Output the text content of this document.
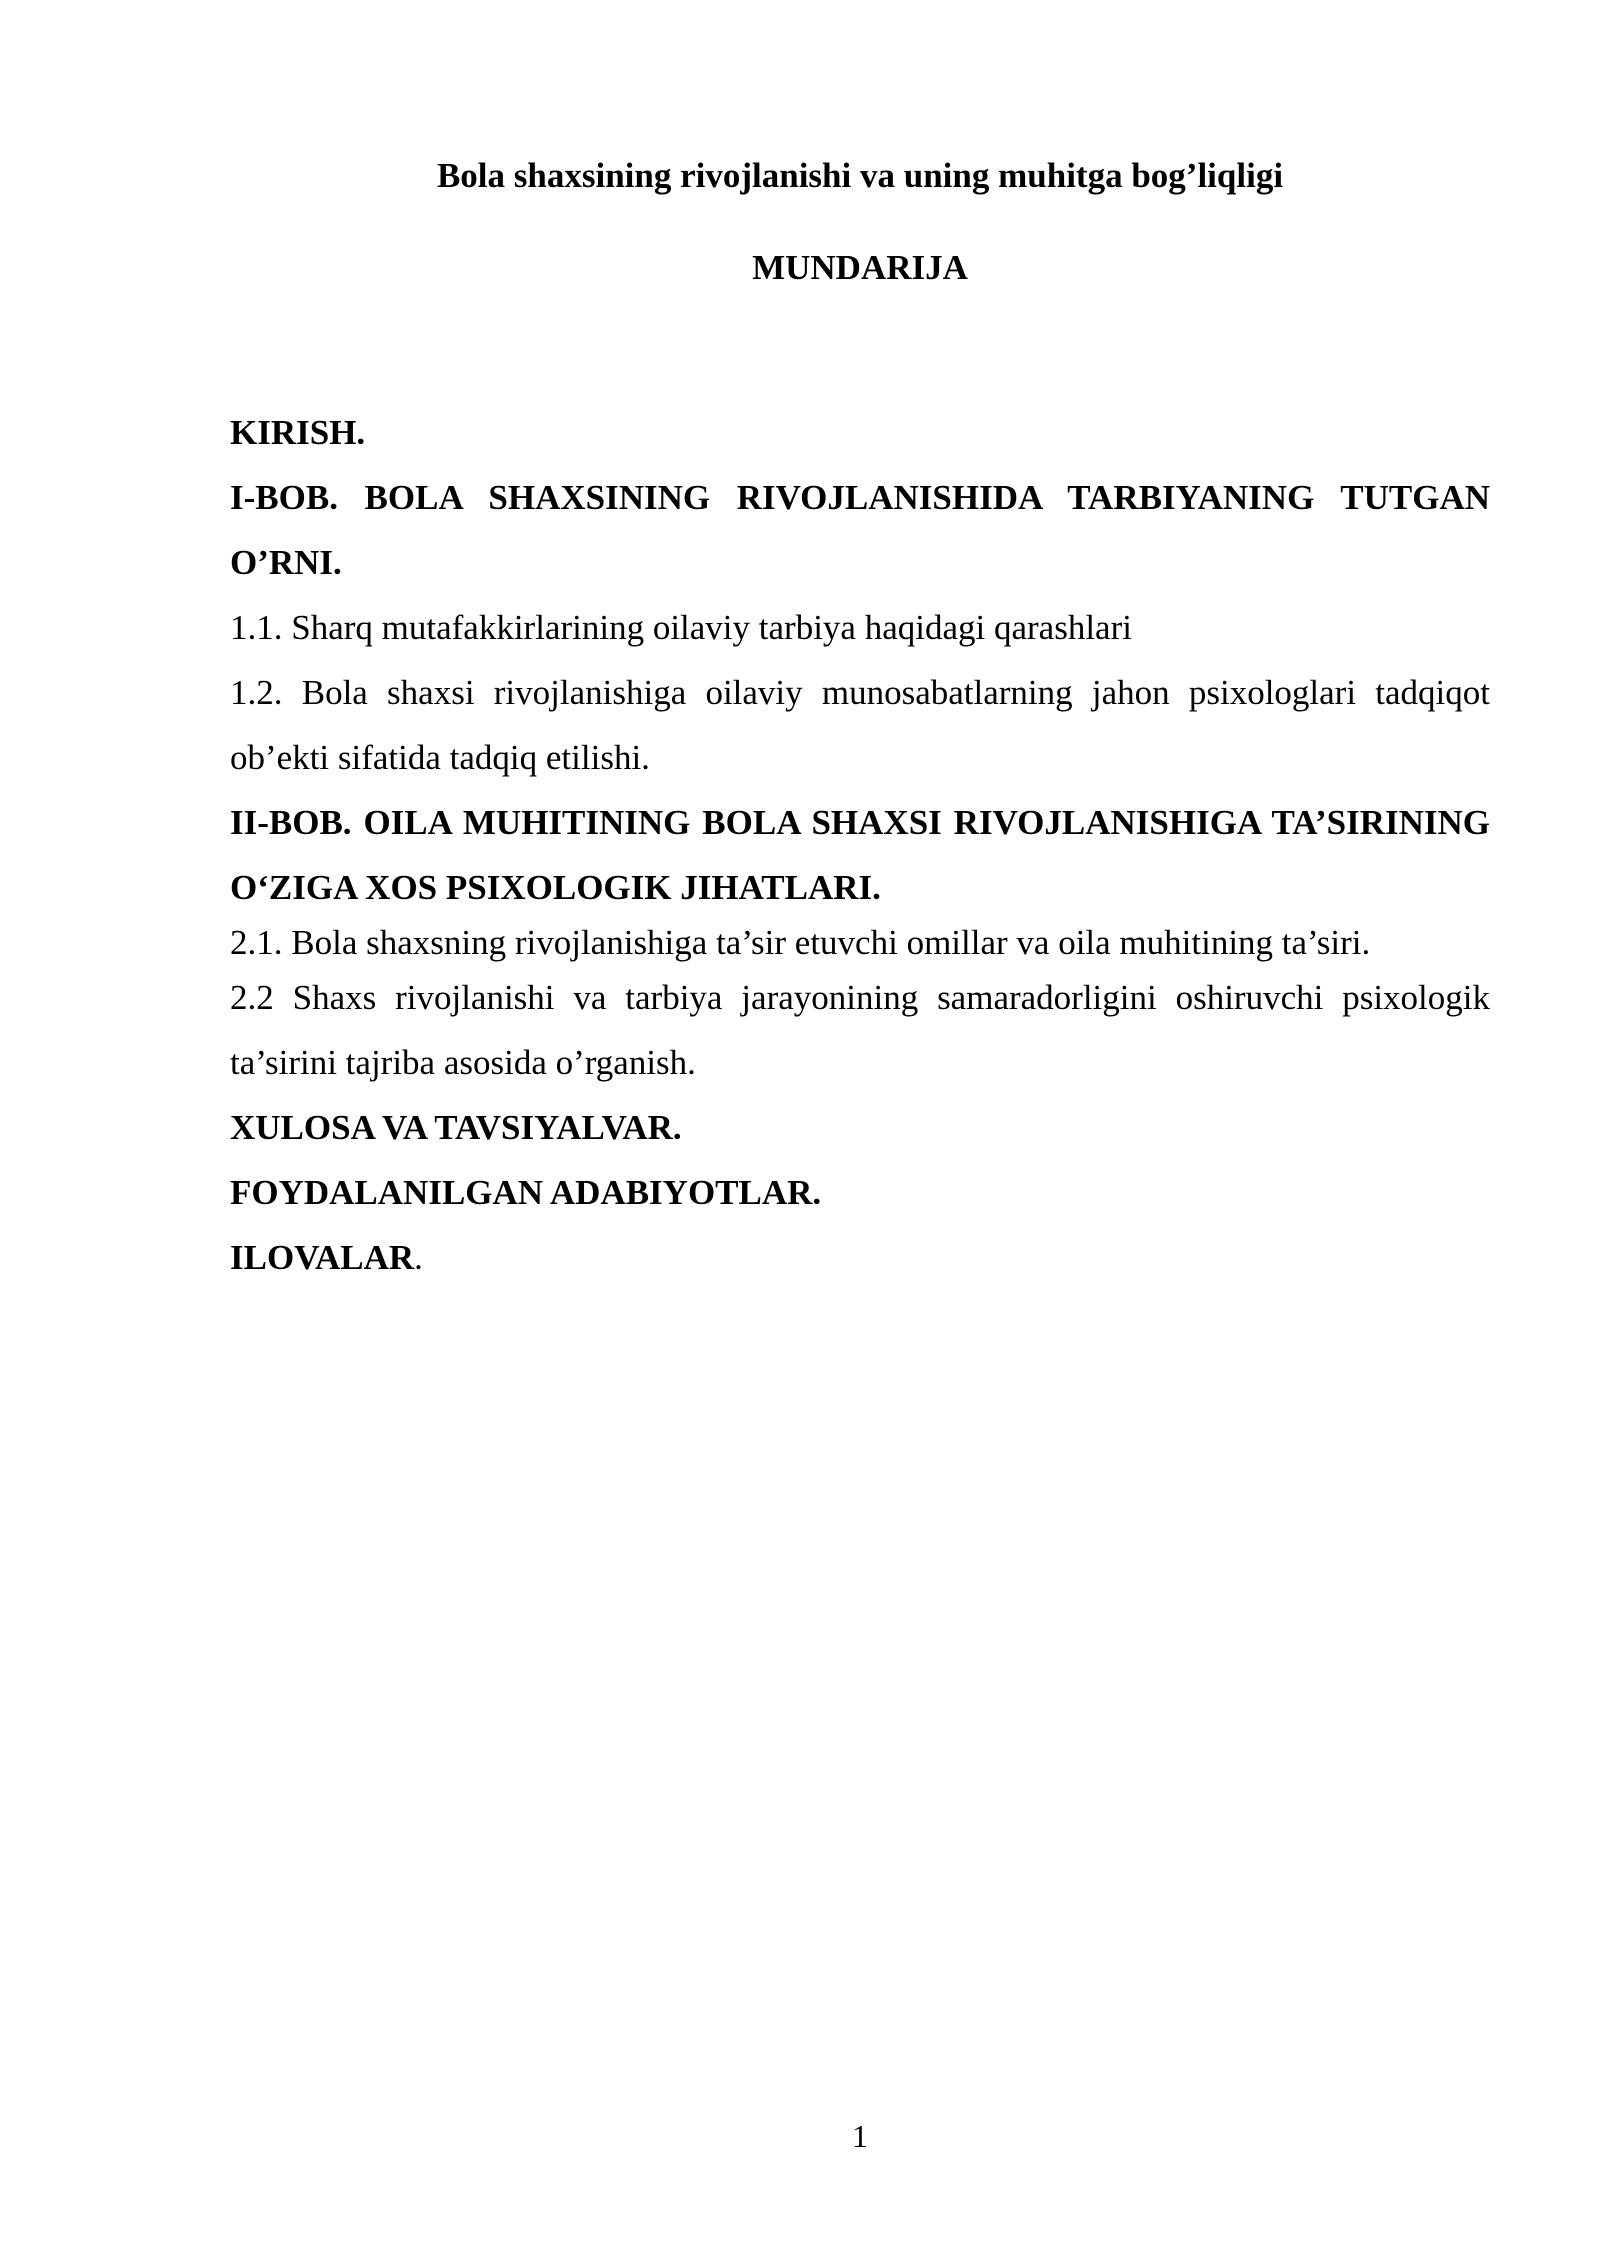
Bola shaxsining rivojlanishi va uning muhitga bog’liqligi
MUNDARIJA

KIRISH.

I-BOB. BOLA SHAXSINING RIVOJLANISHIDA TARBIYANING TUTGAN O’RNI.

1.1. Sharq mutafakkirlarining oilaviy tarbiya haqidagi qarashlari

1.2. Bola shaxsi rivojlanishiga oilaviy munosabatlarning jahon psixologlari tadqiqot ob’ekti sifatida tadqiq etilishi.

II-BOB. OILA MUHITINING BOLA SHAXSI RIVOJLANISHIGA TA’SIRINING O‘ZIGA XOS PSIXOLOGIK JIHATLARI.

2.1. Bola shaxsning rivojlanishiga ta’sir etuvchi omillar va oila muhitining ta’siri.

2.2 Shaxs rivojlanishi va tarbiya jarayonining samaradorligini oshiruvchi psixologik ta’sirini tajriba asosida o’rganish.

XULOSA VA TAVSIYALVAR.

FOYDALANILGAN ADABIYOTLAR.

ILOVALAR.

1
